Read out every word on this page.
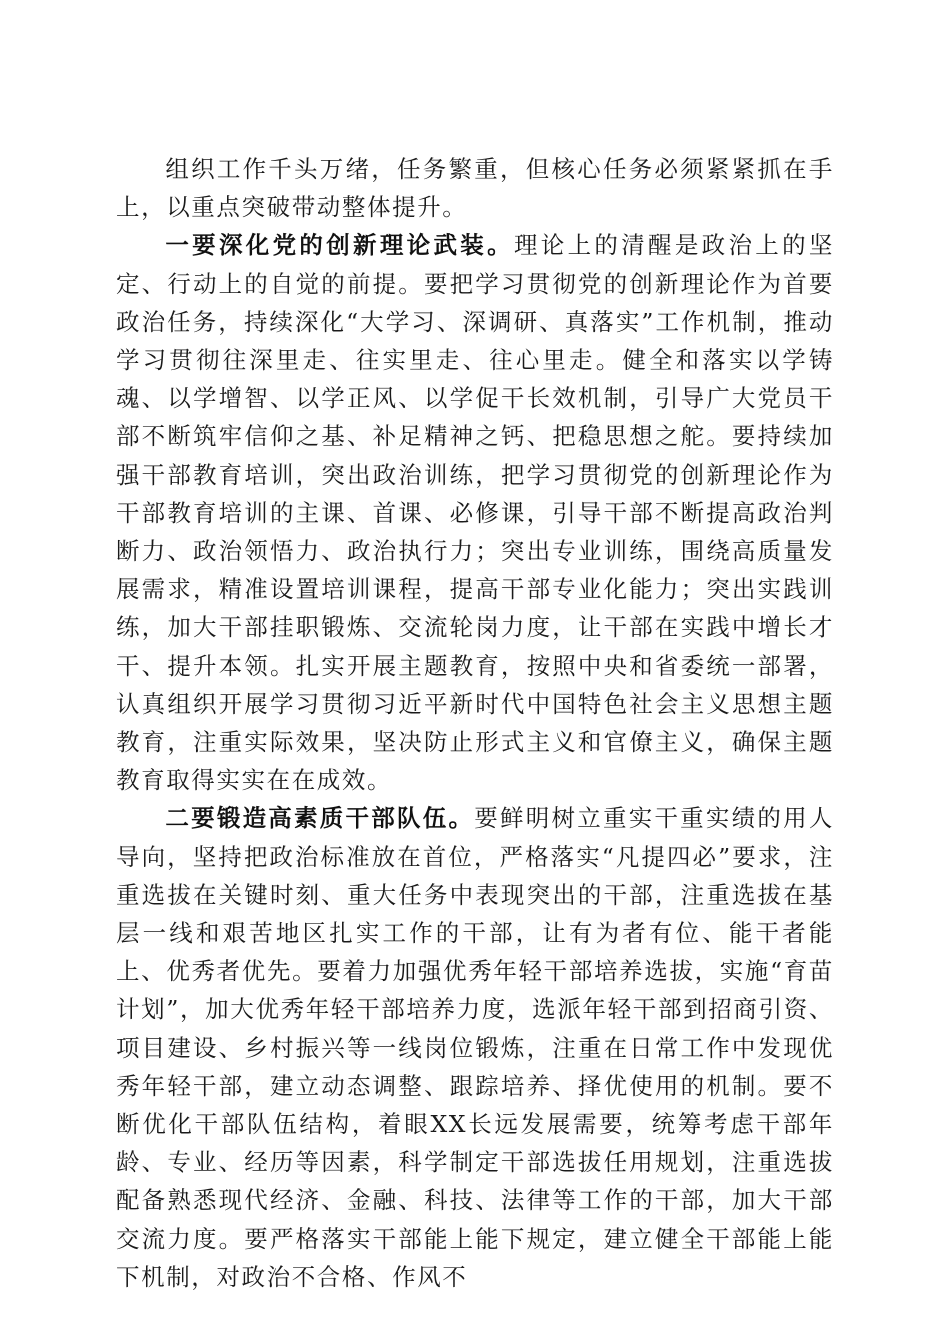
组织工作千头万绪，任务繁重，但核心任务必须紧紧抓在手上，以重点突破带动整体提升。

一要深化党的创新理论武装。理论上的清醒是政治上的坚定、行动上的自觉的前提。要把学习贯彻党的创新理论作为首要政治任务，持续深化“大学习、深调研、真落实”工作机制，推动学习贯彻往深里走、往实里走、往心里走。健全和落实以学铸魂、以学增智、以学正风、以学促干长效机制，引导广大党员干部不断筑牢信仰之基、补足精神之钙、把稳思想之舵。要持续加强干部教育培训，突出政治训练，把学习贯彻党的创新理论作为干部教育培训的主课、首课、必修课，引导干部不断提高政治判断力、政治领悟力、政治执行力；突出专业训练，围绕高质量发展需求，精准设置培训课程，提高干部专业化能力；突出实践训练，加大干部挂职锻炼、交流轮岗力度，让干部在实践中增长才干、提升本领。扎实开展主题教育，按照中央和省委统一部署，认真组织开展学习贯彻习近平新时代中国特色社会主义思想主题教育，注重实际效果，坚决防止形式主义和官僚主义，确保主题教育取得实实在在成效。

二要锻造高素质干部队伍。要鲜明树立重实干重实绩的用人导向，坚持把政治标准放在首位，严格落实“凡提四必”要求，注重选拔在关键时刻、重大任务中表现突出的干部，注重选拔在基层一线和艰苦地区扎实工作的干部，让有为者有位、能干者能上、优秀者优先。要着力加强优秀年轻干部培养选拔，实施“育苗计划”，加大优秀年轻干部培养力度，选派年轻干部到招商引资、项目建设、乡村振兴等一线岗位锻炼，注重在日常工作中发现优秀年轻干部，建立动态调整、跟踪培养、择优使用的机制。要不断优化干部队伍结构，着眼XX长远发展需要，统筹考虑干部年龄、专业、经历等因素，科学制定干部选拔任用规划，注重选拔配备熟悉现代经济、金融、科技、法律等工作的干部，加大干部交流力度。要严格落实干部能上能下规定，建立健全干部能上能下机制，对政治不合格、作风不
